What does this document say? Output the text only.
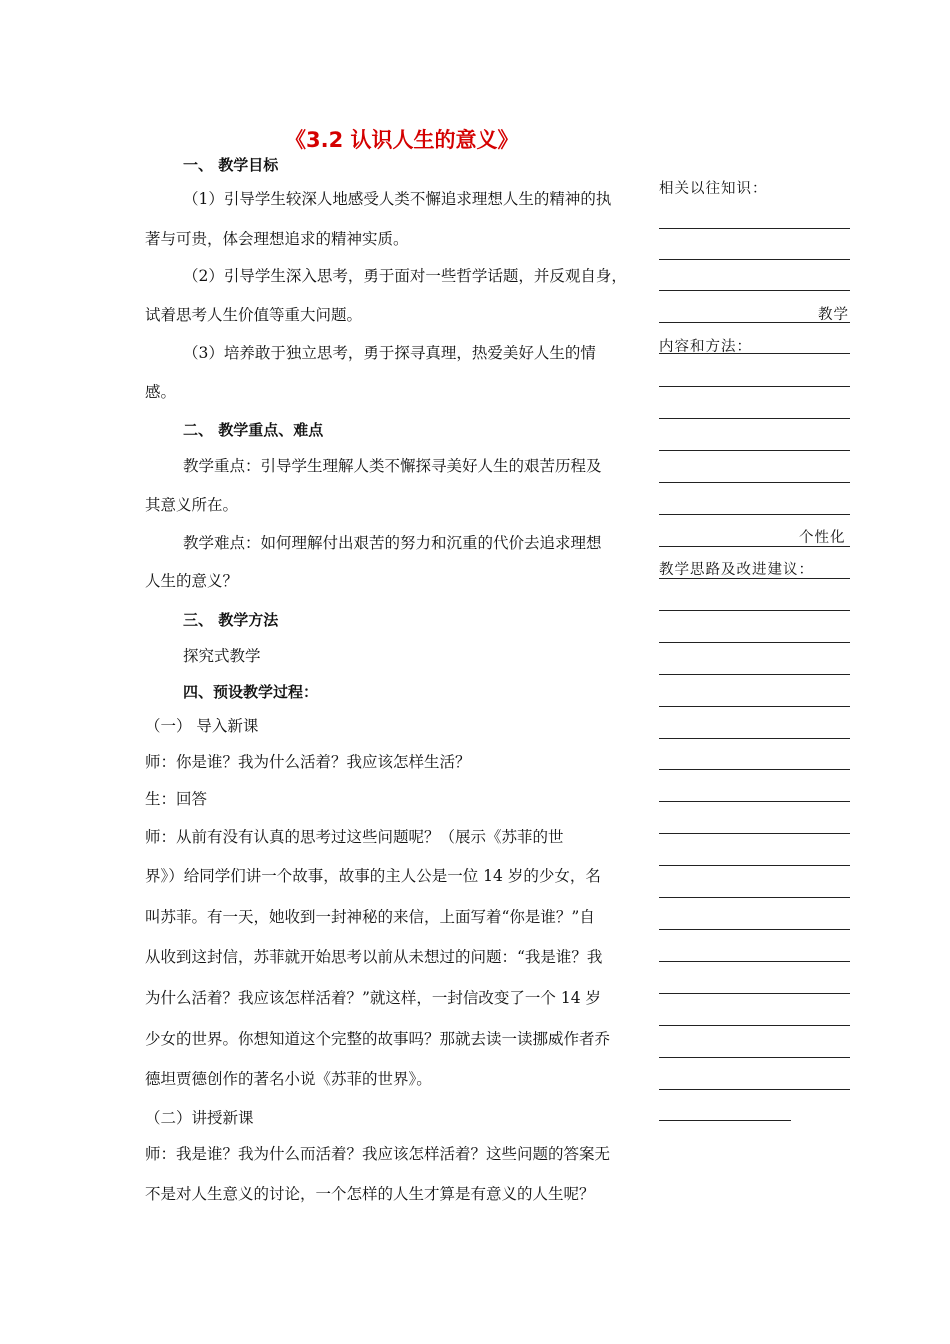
《3.2 认识人生的意义》
一、 教学目标
（1）引导学生较深人地感受人类不懈追求理想人生的精神的执
著与可贵，体会理想追求的精神实质。
（2）引导学生深入思考，勇于面对一些哲学话题，并反观自身，
试着思考人生价值等重大问题。
（3）培养敢于独立思考，勇于探寻真理，热爱美好人生的情
感。
二、 教学重点、难点
教学重点：引导学生理解人类不懈探寻美好人生的艰苦历程及
其意义所在。
教学难点：如何理解付出艰苦的努力和沉重的代价去追求理想
人生的意义？
三、 教学方法
探究式教学
四、预设教学过程：
（一） 导入新课
师：你是谁？我为什么活着？我应该怎样生活？
生：回答
师：从前有没有认真的思考过这些问题呢？（展示《苏菲的世
界》）给同学们讲一个故事，故事的主人公是一位 14 岁的少女，名
叫苏菲。有一天，她收到一封神秘的来信，上面写着“你是谁？”自
从收到这封信，苏菲就开始思考以前从未想过的问题：“我是谁？我
为什么活着？我应该怎样活着？”就这样，一封信改变了一个 14 岁
少女的世界。你想知道这个完整的故事吗？那就去读一读挪威作者乔
德坦贾德创作的著名小说《苏菲的世界》。
（二）讲授新课
师：我是谁？我为什么而活着？我应该怎样活着？这些问题的答案无
不是对人生意义的讨论，一个怎样的人生才算是有意义的人生呢？
相关以往知识：
教学
内容和方法：
个性化
教学思路及改进建议：
